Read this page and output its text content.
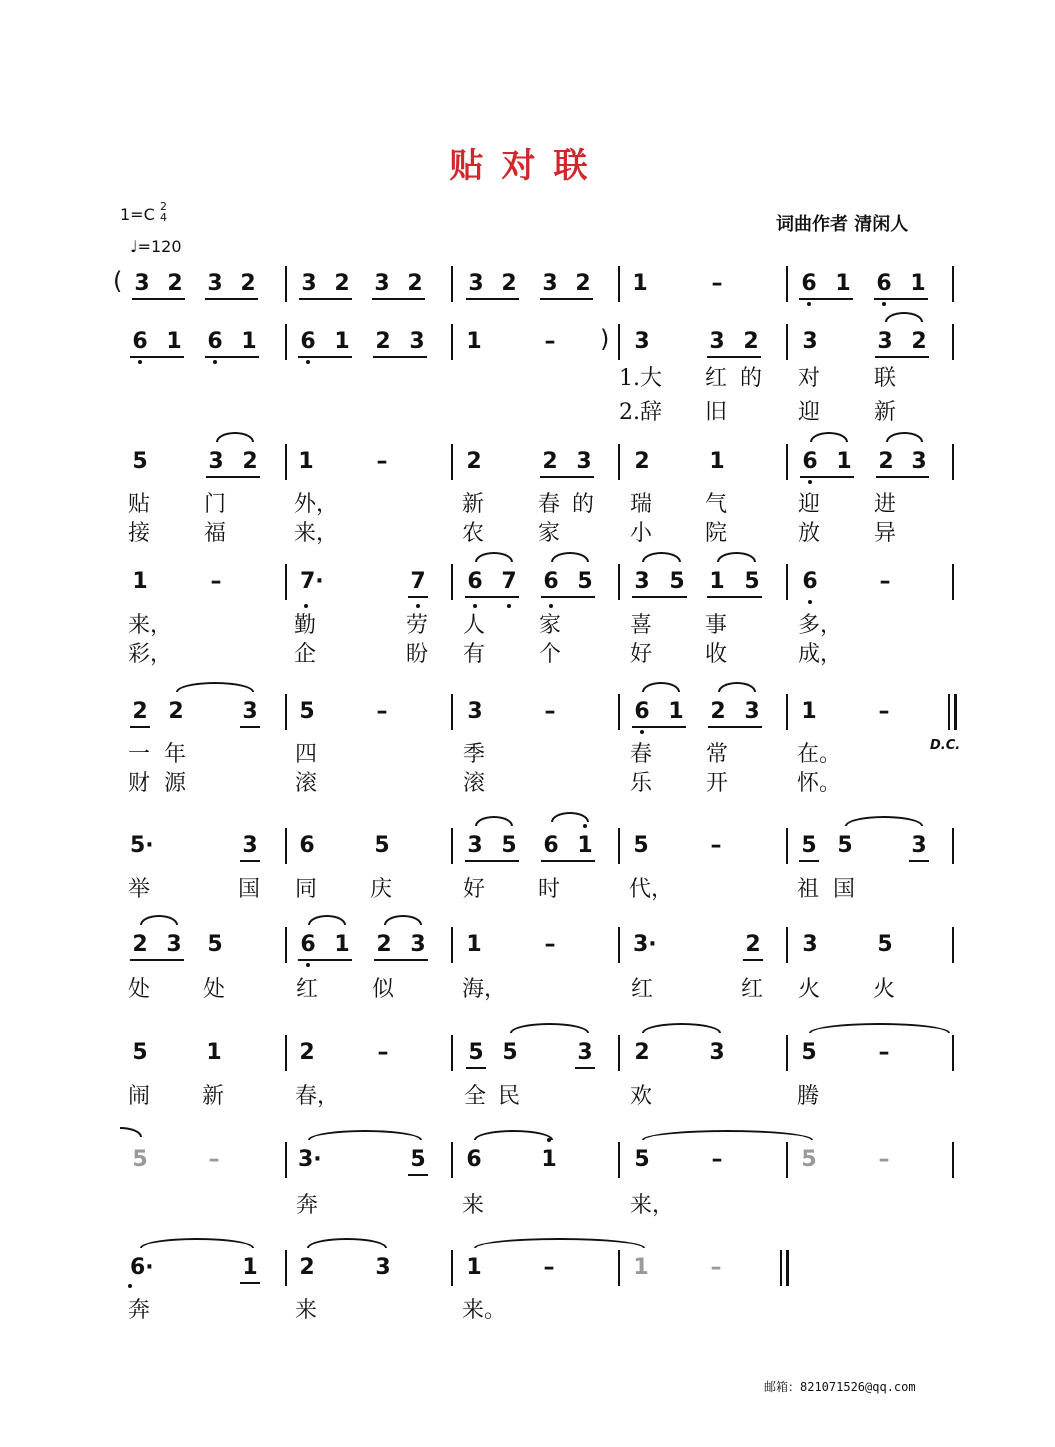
贴对联
1=C 2
4
♩=120
词曲作者 清闲人
邮箱：821071526@qq.com
D.C.
( 3 2 3 2 3 2 3 2 3 2 3 2 1	–	6 1 6 1
6 1 6 1 6 1 2 3 1	–	3	3 2 3	3 2
)
1.大 红 的 对 联
2.辞 旧	迎 新
5	3 2 1	–	2	2 3 2	1	6 1 2 3
贴 门	外，	新 春 的 瑞 气	迎 进
接 福	来，	农 家	小 院	放 异
1	–	7·	7 6 7 6 5 3 5 1 5 6	–
来，	勤	劳 人 家	喜 事	多，
彩，	企	盼 有 个	好 收	成，
2 2	3 5	–	3	–	6 1 2 3 1	–
一 年	四	季	春 常	在。
财 源	滚	滚	乐 开	怀。
5·	3 6	5	3 5 6 1 5	–	5 5	3
举	国 同 庆	好 时	代，	祖 国
2 3 5	6 1 2 3 1	–	3·	2 3	5
处 处	红 似	海，	红	红 火 火
5	1	2	–	5 5	3 2	3	5	–
闹 新	春，	全 民	欢	腾
5	–	3·	5 6	1	5	–	5	–
奔	来	来，
6·	1 2	3	1	–	1	–
奔	来	来。
